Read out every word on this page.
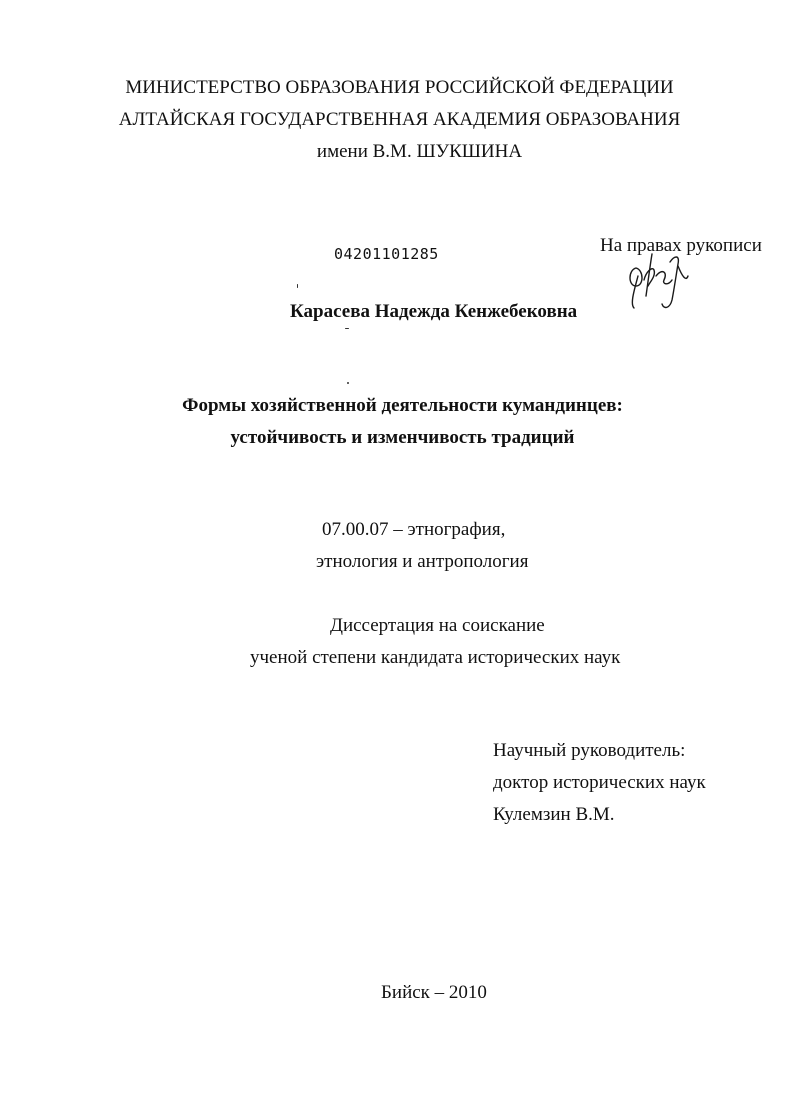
МИНИСТЕРСТВО ОБРАЗОВАНИЯ РОССИЙСКОЙ ФЕДЕРАЦИИ
АЛТАЙСКАЯ ГОСУДАРСТВЕННАЯ АКАДЕМИЯ ОБРАЗОВАНИЯ
имени В.М. ШУКШИНА
04201101285	На правах рукописи
Карасева Надежда Кенжебековна
Формы хозяйственной деятельности кумандинцев:
устойчивость и изменчивость традиций
07.00.07 – этнография,
этнология и антропология
Диссертация на соискание
ученой степени кандидата исторических наук
Научный руководитель:
доктор исторических наук
Кулемзин В.М.
Бийск – 2010
